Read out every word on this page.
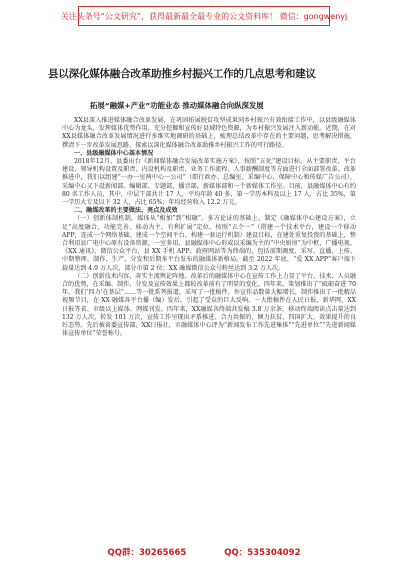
关注头条号“公文研究”，获得最新最全最专业的公文资料库！ 微信：gongwenyj
县以深化媒体融合改革助推乡村振兴工作的几点思考和建议
拓展“融媒+产业”功能业态 推动媒体融合向纵深发展

XX县深入推进媒体融合改革发展，在巩固拓展脱贫攻坚成果同乡村振兴有效衔接工作中，以县级融媒体中心为龙头，发挥媒体优势作用，充分挖掘和宣传好县域特色资源，为乡村振兴发展注入新动能。近期，在对XX县媒体融合改革发展情况进行多维实地调研的基础上，梳理总结改革中存在的主要问题，思考解决措施，撰清下一步改革发展思路，探索以深化媒体融合改革助推乡村振兴工作的可行路径。

一、县级融媒体中心基本情况

2018年12月，县委出台《新闻媒体融合发展改革实施方案》，按照“五化”建设目标，从主要职责、平台建设、领导机构设置及职责、内设机构及职责、业务工作流程、人事薪酬制度等方面进行全面部署改革。改革推进中，我们以组建“一办一室两中心一公司”（即行政办、总编室、采编中心、保障中心和传媒广告公司），采编中心又下设新闻部、编辑部、专题部、播音部，新媒体部和一个新媒体工作室。目前，县融媒体中心有约 80 名工作人员，其中，中层干部共计 17 人，平均年龄 40 多，第一学历本科及以上 17 人，占比 35%，第一学历大专及以下 32 人，占比 65%；年均经营收入 12.2 万元。

二、融媒改革的主要做法、亮点及成效

（一）创新体制机制，媒体从“相加”到“相融”。多方论证的基础上，制定《融媒体中心建设方案》，立足“高度融合、功能完善、移动为主、有利扩展”定位，按照“五个一”（搭建一个技术平台，建设一个移动 APP，连成一个网络基础、建成一个空间平台、构建一套运行机制）建设目标，在建处重复投资的基础上，整合利用县广电中心原有设备资源，一室多用，县融媒体中心形成以采编为主的“中央厨房”为中枢，广播电视、《XX 通讯》、微信公众平台，县 XX 手机 APP、政府网站等为终端的，包括前期调度、采写、直播、上传、中期整理、制作、生产、分发和后期多平台发布的融媒体新格局。截至 2022 年底，“爱 XX APP”客户端下载量达到 4.9 万人次，部分市第 2 位；XX 融媒微信公众号粉丝达到 3.2 万人次。

（二）创新技术内容，奔实主流舆论阵地。改革后的融媒体中心在宣传工作上力显了平台、技术、人员融合的优势，在采编、制作、分发及宣传效果上都较改革前有了明显的变化。四年来，策划推出了“砥砺奋进 70 年，我们‘四力’在基层”……等一批系列报道，采写了一批稿件，外宣作品数量大幅增长，制作推出了一批精品视频节目，在 XX 融媒各平台播（编）发后，引起了受众的巨大反响。一大批稿件在人民日报、新华网、XX日报等省、市级以上媒体、网媒刊发。四年来，XX融媒各终端共发稿 3.8 万余条，移动终端阅读点击量达到 132 万人次，转发 101 万次，宣传工作呈现出矛盾推进、合力共振的、倾力扶贫、四国扩大，效果提升的良好态势。先后被省委宣传部、XX日报社，市融媒体中心评为“新闻发布工作先进集体”“先进单位”“先进新闻媒体宣传单位”荣誉称号。

QQ群：30265665	QQ：535304092
